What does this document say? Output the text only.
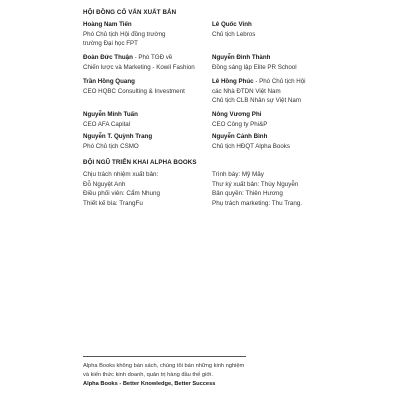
HỘI ĐỒNG CỐ VẤN XUẤT BẢN
Hoàng Nam Tiến
Phó Chủ tịch Hội đồng trường
trường Đại học FPT
Lê Quốc Vinh
Chủ tịch Lebros
Đoàn Đức Thuận - Phó TGĐ về
Chiến lược và Marketing - Kowil Fashion
Nguyễn Đình Thành
Đồng sáng lập Elite PR School
Trần Hồng Quang
CEO HQBC Consulting & Investment
Lê Hồng Phúc - Phó Chủ tịch Hội
các Nhà ĐTDN Việt Nam
Chủ tịch CLB Nhân sự Việt Nam
Nguyễn Minh Tuấn
CEO AFA Capital
Nông Vương Phi
CEO Công ty Phi&P
Nguyễn T. Quỳnh Trang
Phó Chủ tịch CSMO
Nguyễn Cảnh Bình
Chủ tịch HĐQT Alpha Books
ĐỘI NGŨ TRIỂN KHAI ALPHA BOOKS
Chịu trách nhiệm xuất bản:
Đỗ Nguyệt Anh
Điều phối viên: Cẩm Nhung
Thiết kế bìa: TrangFu
Trình bày: Mỹ Mây
Thư ký xuất bản: Thùy Nguyễn
Bản quyền: Thiên Hương
Phụ trách marketing: Thu Trang.
Alpha Books không bán sách, chúng tôi bán những kinh nghiệm
và kiến thức kinh doanh, quản trị hàng đầu thế giới.
Alpha Books - Better Knowledge, Better Success
